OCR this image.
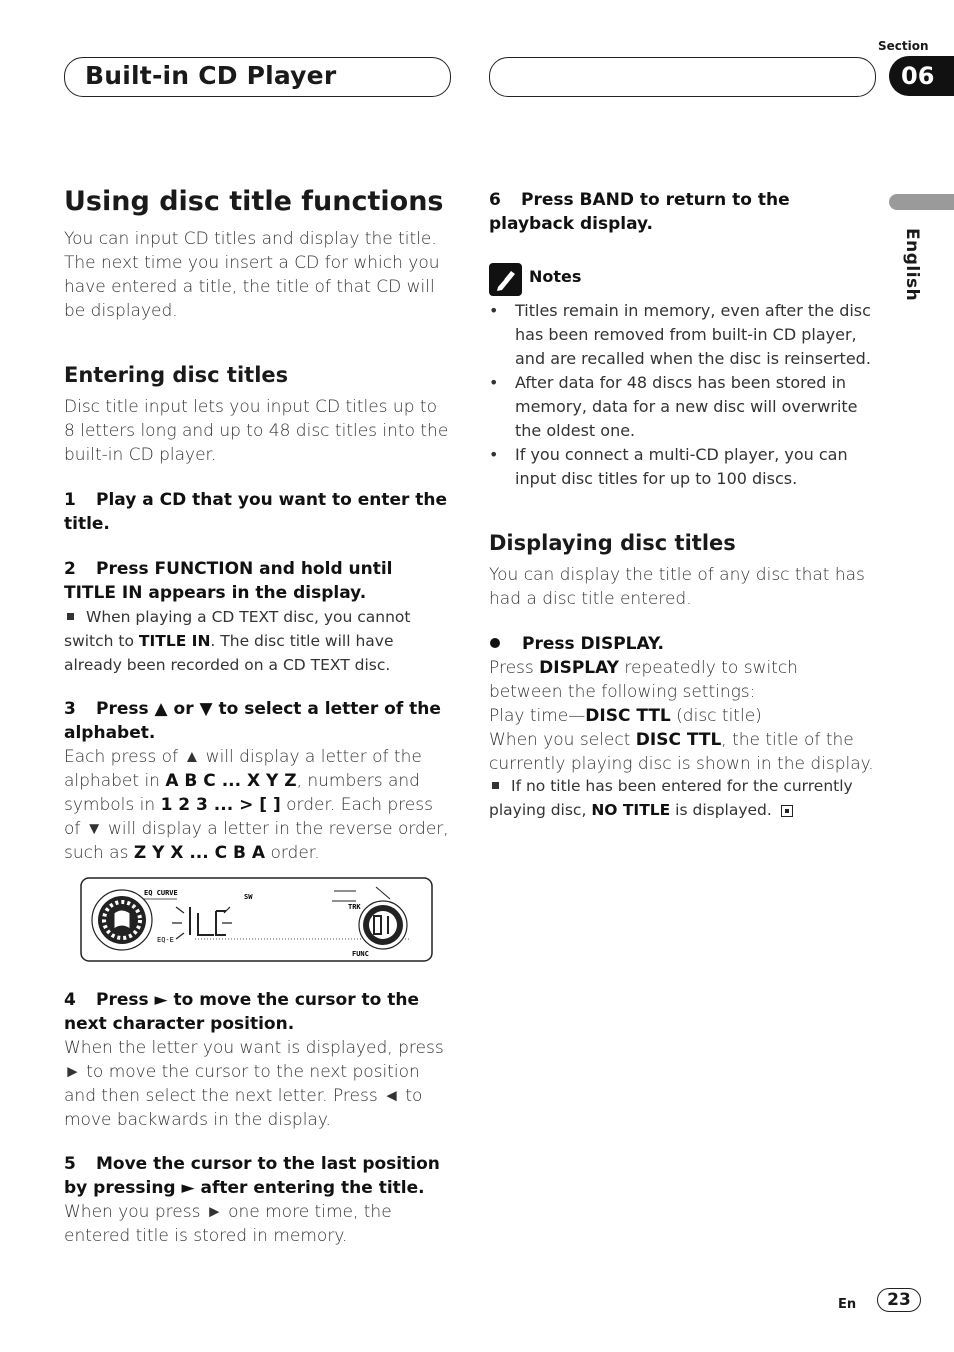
Built-in CD Player
Section
06
English
Using disc title functions
You can input CD titles and display the title. The next time you insert a CD for which you have entered a title, the title of that CD will be displayed.
Entering disc titles
Disc title input lets you input CD titles up to 8 letters long and up to 48 disc titles into the built-in CD player.
1 Play a CD that you want to enter the title.
2 Press FUNCTION and hold until TITLE IN appears in the display.
When playing a CD TEXT disc, you cannot switch to TITLE IN. The disc title will have already been recorded on a CD TEXT disc.
3 Press ▲ or ▼ to select a letter of the alphabet.
Each press of ▲ will display a letter of the alphabet in A B C ... X Y Z, numbers and symbols in 1 2 3 ... > [ ] order. Each press of ▼ will display a letter in the reverse order, such as Z Y X ... C B A order.
EQ CURVE
EQ-E
SW
TRK
FUNC
4 Press ► to move the cursor to the next character position.
When the letter you want is displayed, press ► to move the cursor to the next position and then select the next letter. Press ◄ to move backwards in the display.
5 Move the cursor to the last position by pressing ► after entering the title.
When you press ► one more time, the entered title is stored in memory.
6 Press BAND to return to the playback display.
Notes
• Titles remain in memory, even after the disc has been removed from built-in CD player, and are recalled when the disc is reinserted.
• After data for 48 discs has been stored in memory, data for a new disc will overwrite the oldest one.
• If you connect a multi-CD player, you can input disc titles for up to 100 discs.
Displaying disc titles
You can display the title of any disc that has had a disc title entered.
Press DISPLAY.
Press DISPLAY repeatedly to switch between the following settings:
Play time—DISC TTL (disc title)
When you select DISC TTL, the title of the currently playing disc is shown in the display.
If no title has been entered for the currently playing disc, NO TITLE is displayed.
En	23
